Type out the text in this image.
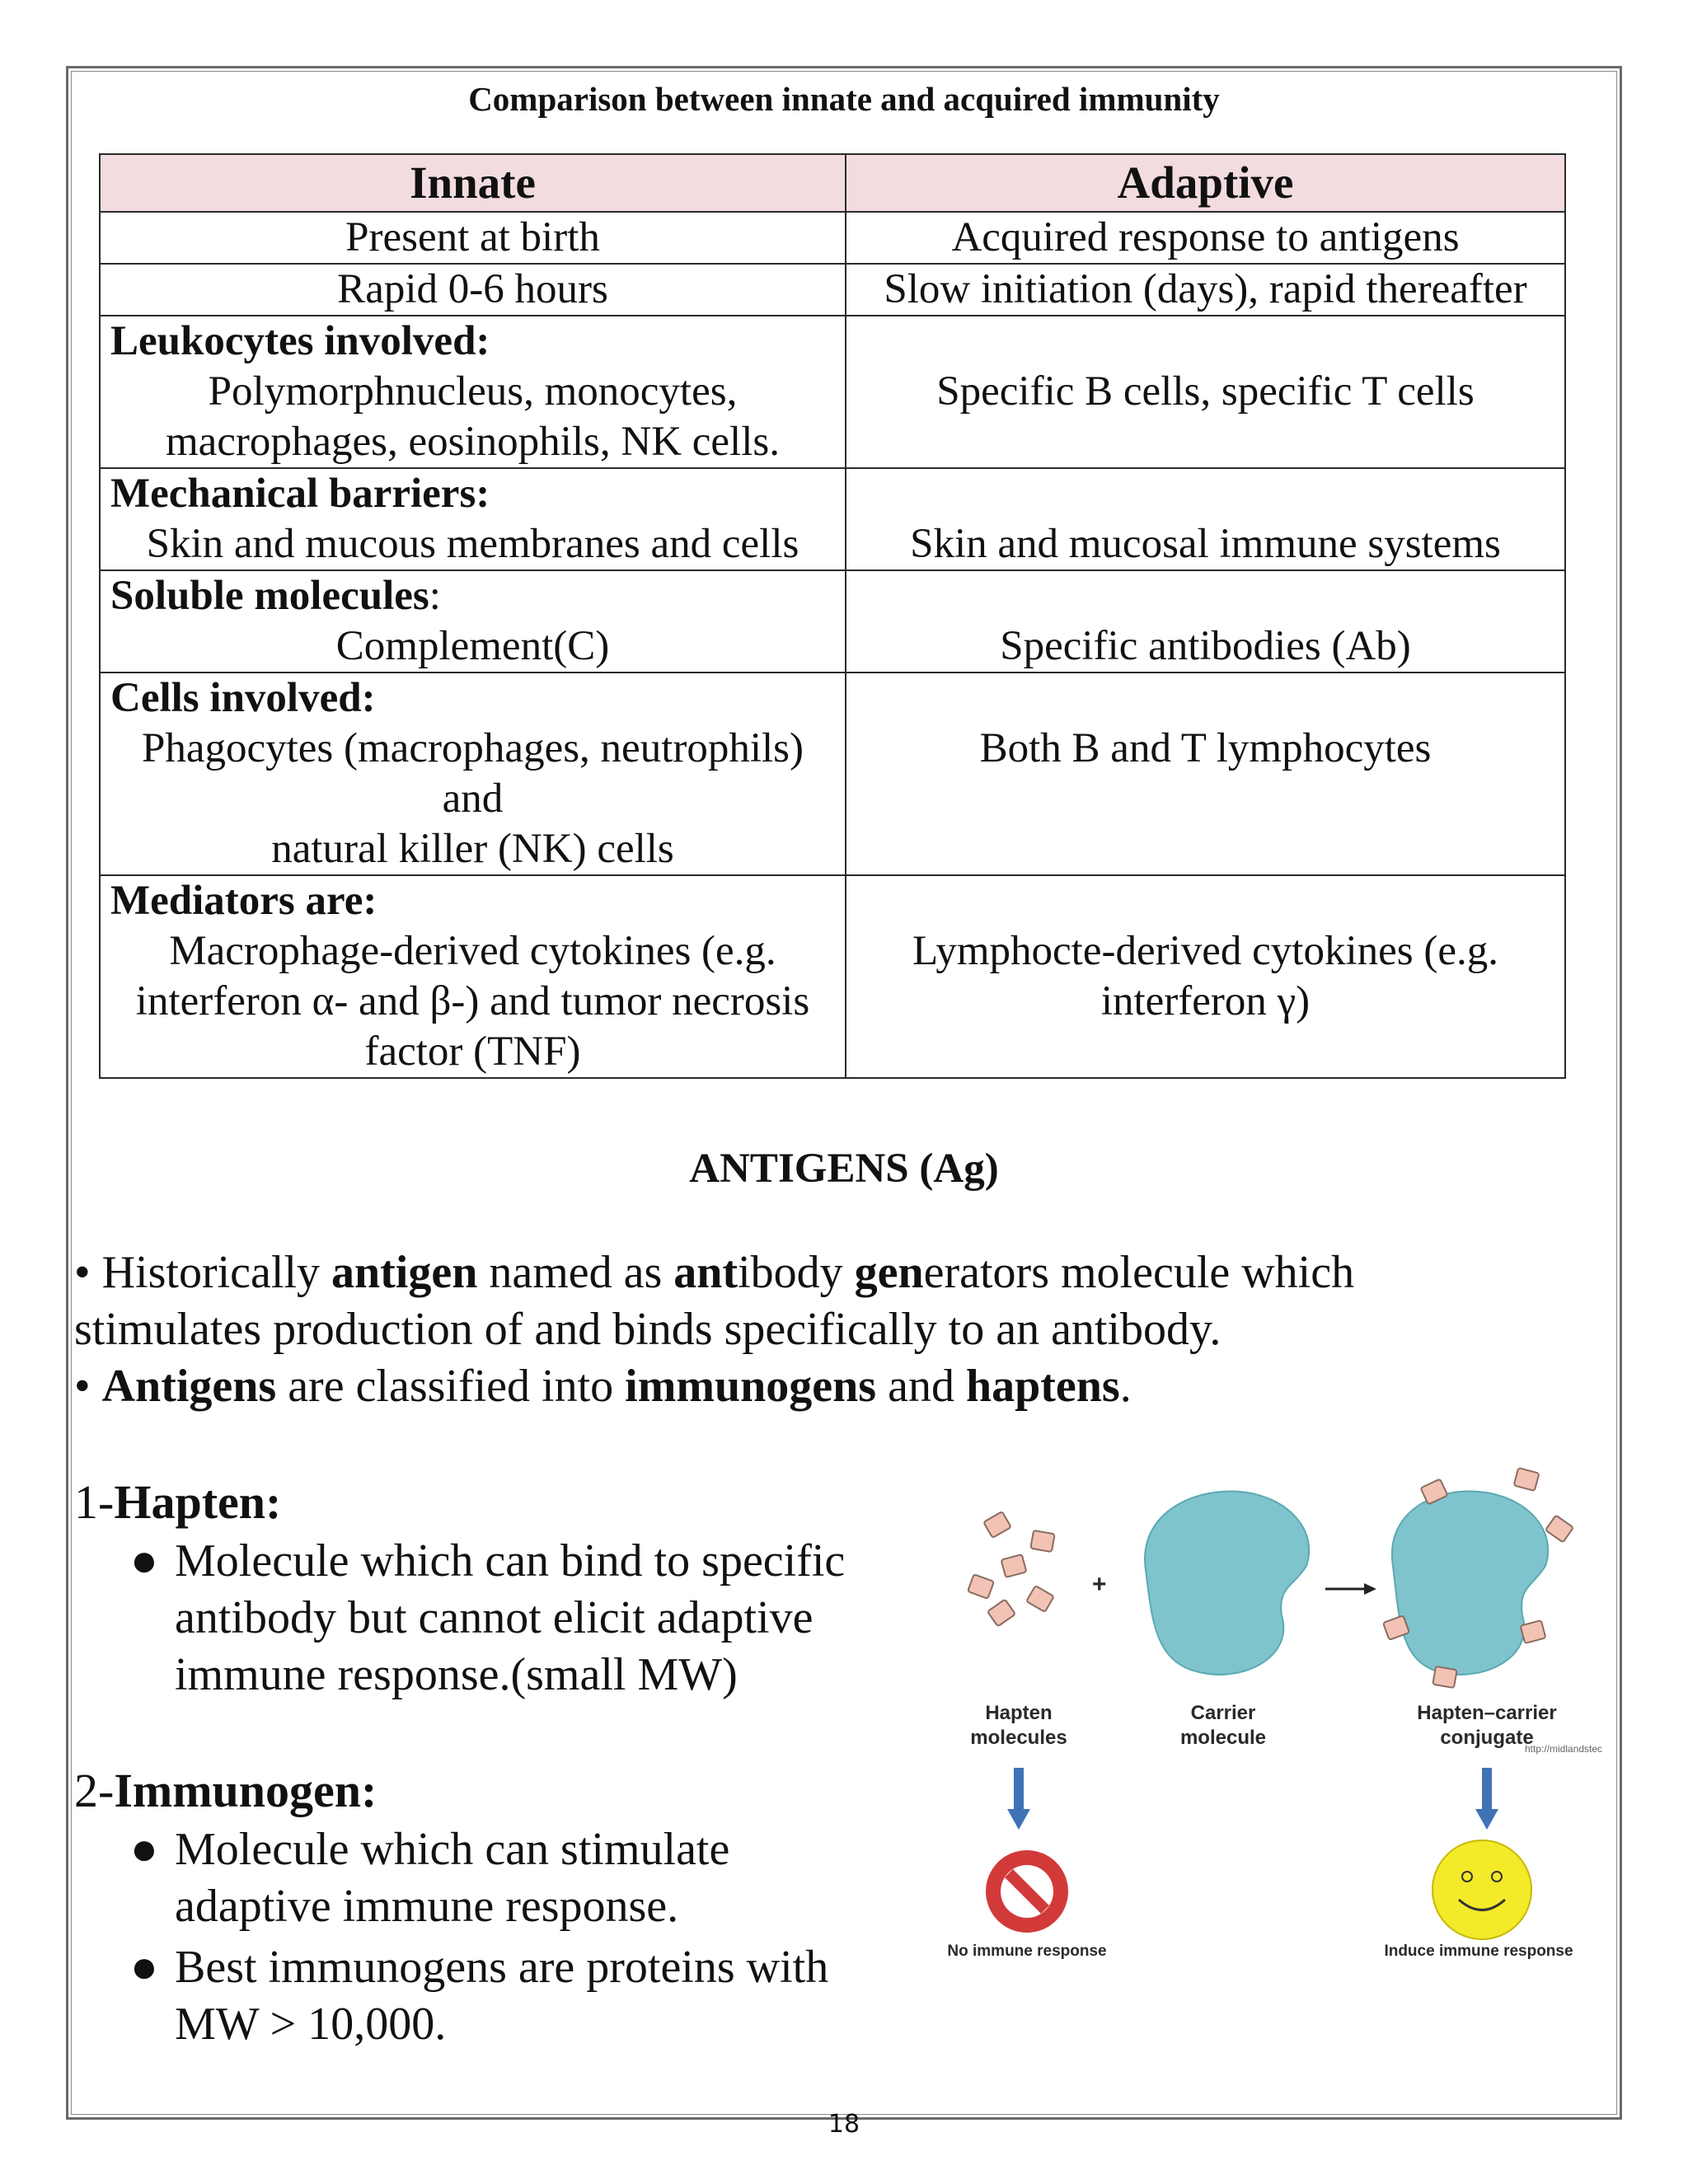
Comparison between innate and acquired immunity
Innate	Adaptive
Present at birth	Acquired response to antigens
Rapid 0-6 hours	Slow initiation (days), rapid thereafter

Leukocytes involved:
Polymorphnucleus, monocytes,
macrophages, eosinophils, NK cells.	Specific B cells, specific T cells

Mechanical barriers:
Skin and mucous membranes and cells	Skin and mucosal immune systems

Soluble molecules:
Complement(C)	Specific antibodies (Ab)

Cells involved:
Phagocytes (macrophages, neutrophils)
and
natural killer (NK) cells	Both B and T lymphocytes

Mediators are:
Macrophage-derived cytokines (e.g.
interferon α- and β-) and tumor necrosis
factor (TNF)	Lymphocte-derived cytokines (e.g.
interferon γ)
ANTIGENS (Ag)
• Historically antigen named as antibody generators molecule which
stimulates production of and binds specifically to an antibody.
• Antigens are classified into immunogens and haptens.
1-Hapten:
● Molecule which can bind to specific
antibody but cannot elicit adaptive
immune response.(small MW)
2-Immunogen:
● Molecule which can stimulate
adaptive immune response.
● Best immunogens are proteins with
MW > 10,000.
+
Hapten
molecules
Carrier
molecule
Hapten–carrier
conjugate
http://midlandstec
No immune response	Induce immune response
18
